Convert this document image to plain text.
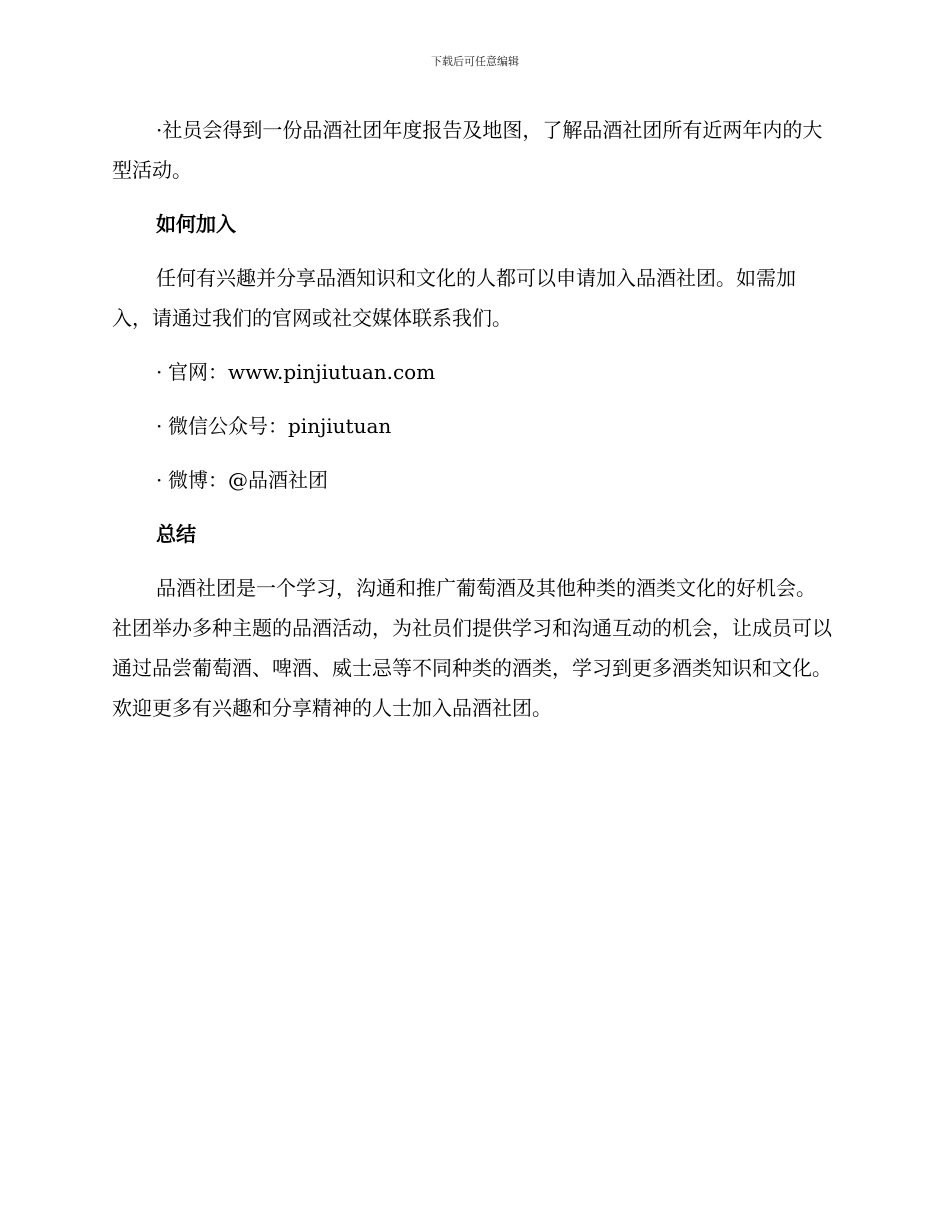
下载后可任意编辑

·社员会得到一份品酒社团年度报告及地图，了解品酒社团所有近两年内的大型活动。

如何加入

任何有兴趣并分享品酒知识和文化的人都可以申请加入品酒社团。如需加入，请通过我们的官网或社交媒体联系我们。

· 官网：www.pinjiutuan.com
· 微信公众号：pinjiutuan
· 微博：@品酒社团
总结

品酒社团是一个学习，沟通和推广葡萄酒及其他种类的酒类文化的好机会。社团举办多种主题的品酒活动，为社员们提供学习和沟通互动的机会，让成员可以通过品尝葡萄酒、啤酒、威士忌等不同种类的酒类，学习到更多酒类知识和文化。欢迎更多有兴趣和分享精神的人士加入品酒社团。
